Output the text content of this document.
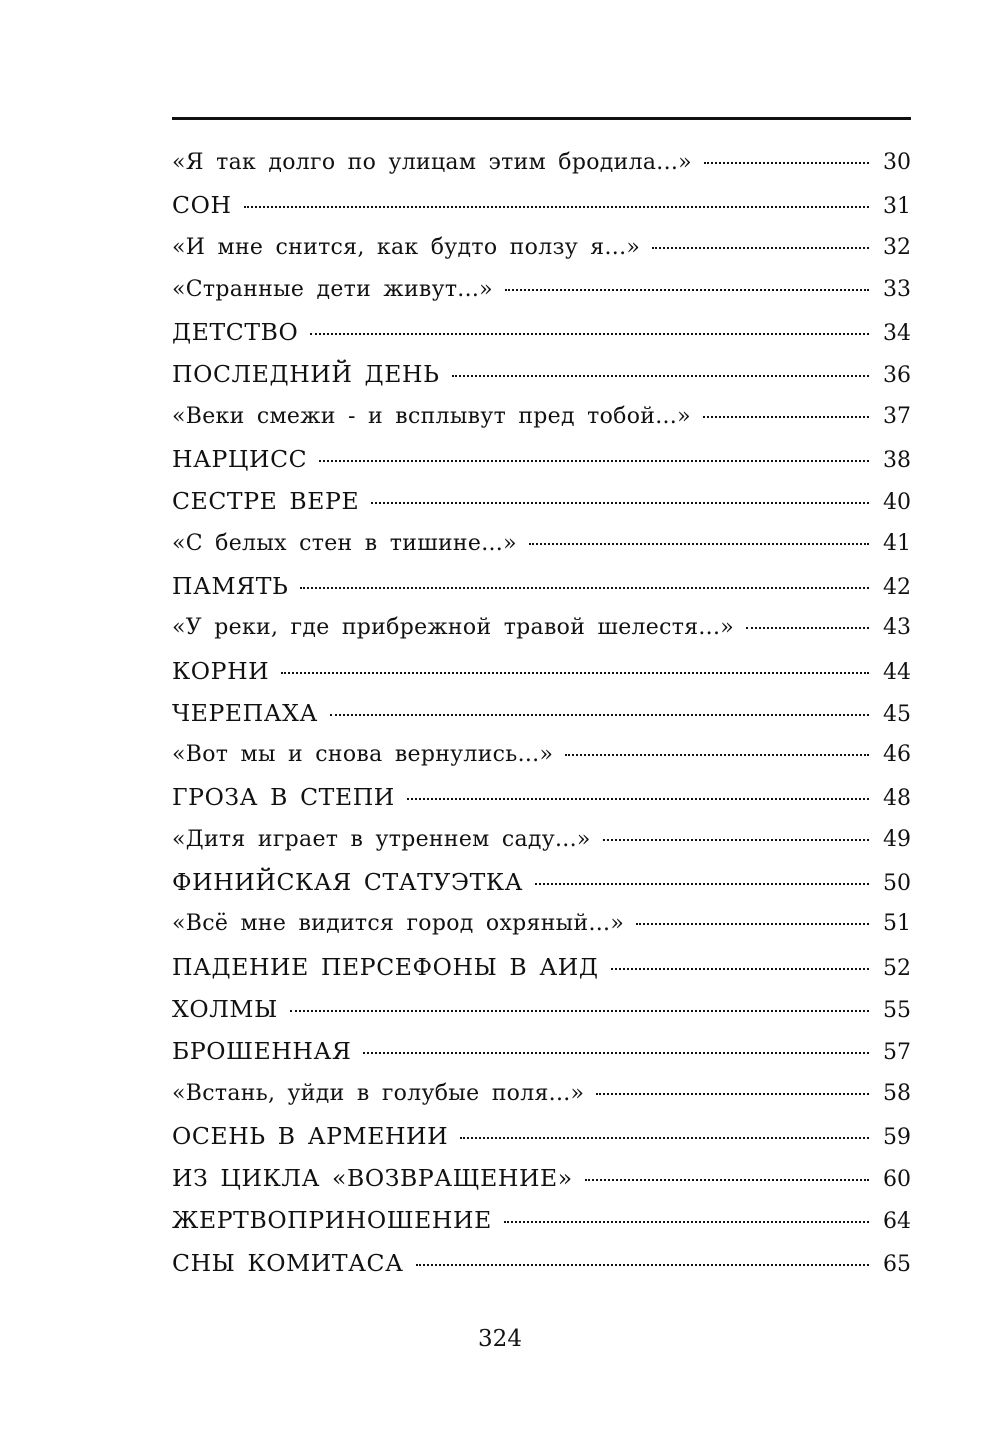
«Я так долго по улицам этим бродила...»	30
СОН	31
«И мне снится, как будто ползу я...»	32
«Странные дети живут...»	33
ДЕТСТВО	34
ПОСЛЕДНИЙ ДЕНЬ	36
«Веки смежи - и всплывут пред тобой...»	37
НАРЦИСС	38
СЕСТРЕ ВЕРЕ	40
«С белых стен в тишине...»	41
ПАМЯТЬ	42
«У реки, где прибрежной травой шелестя...»	43
КОРНИ	44
ЧЕРЕПАХА	45
«Вот мы и снова вернулись...»	46
ГРОЗА В СТЕПИ	48
«Дитя играет в утреннем саду...»	49
ФИНИЙСКАЯ СТАТУЭТКА	50
«Всё мне видится город охряный...»	51
ПАДЕНИЕ ПЕРСЕФОНЫ В АИД	52
ХОЛМЫ	55
БРОШЕННАЯ	57
«Встань, уйди в голубые поля...»	58
ОСЕНЬ В АРМЕНИИ	59
ИЗ ЦИКЛА «ВОЗВРАЩЕНИЕ»	60
ЖЕРТВОПРИНОШЕНИЕ	64
СНЫ КОМИТАСА	65
324
